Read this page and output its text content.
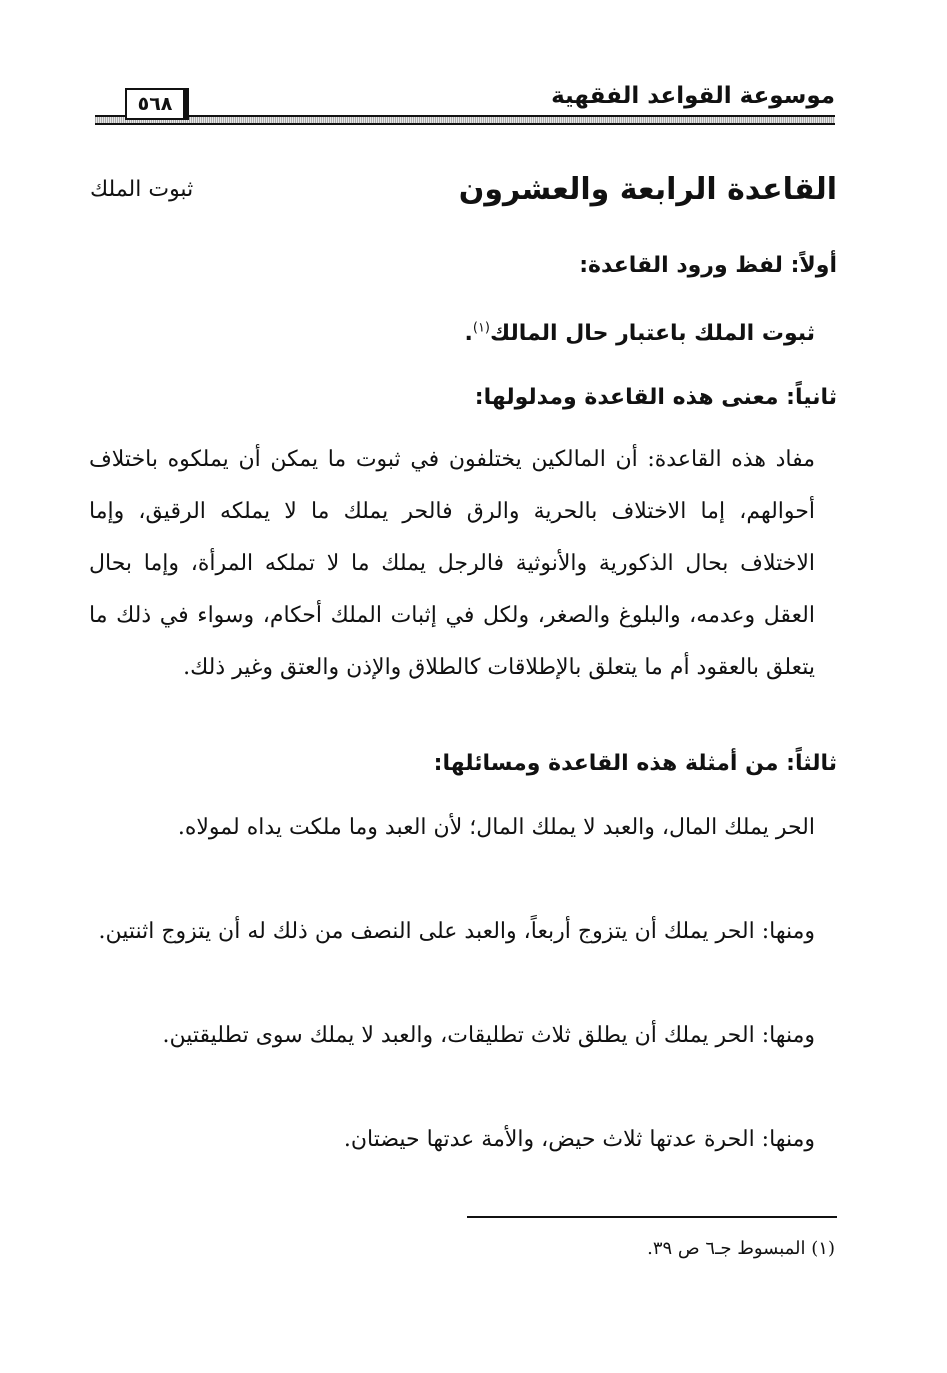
موسوعة القواعد الفقهية
٥٦٨
القاعدة الرابعة والعشرون
ثبوت الملك
أولاً: لفظ ورود القاعدة:
ثبوت الملك باعتبار حال المالك$^{(١)}$.
ثانياً: معنى هذه القاعدة ومدلولها:
مفاد هذه القاعدة: أن المالكين يختلفون في ثبوت ما يمكن أن يملكوه باختلاف أحوالهم، إما الاختلاف بالحرية والرق فالحر يملك ما لا يملكه الرقيق، وإما الاختلاف بحال الذكورية والأنوثية فالرجل يملك ما لا تملكه المرأة، وإما بحال العقل وعدمه، والبلوغ والصغر، ولكل في إثبات الملك أحكام، وسواء في ذلك ما يتعلق بالعقود أم ما يتعلق بالإطلاقات كالطلاق والإذن والعتق وغير ذلك.
ثالثاً: من أمثلة هذه القاعدة ومسائلها:
الحر يملك المال، والعبد لا يملك المال؛ لأن العبد وما ملكت يداه لمولاه.
ومنها: الحر يملك أن يتزوج أربعاً، والعبد على النصف من ذلك له أن يتزوج اثنتين.
ومنها: الحر يملك أن يطلق ثلاث تطليقات، والعبد لا يملك سوى تطليقتين.
ومنها: الحرة عدتها ثلاث حيض، والأمة عدتها حيضتان.
(١) المبسوط جـ٦ ص ٣٩.
